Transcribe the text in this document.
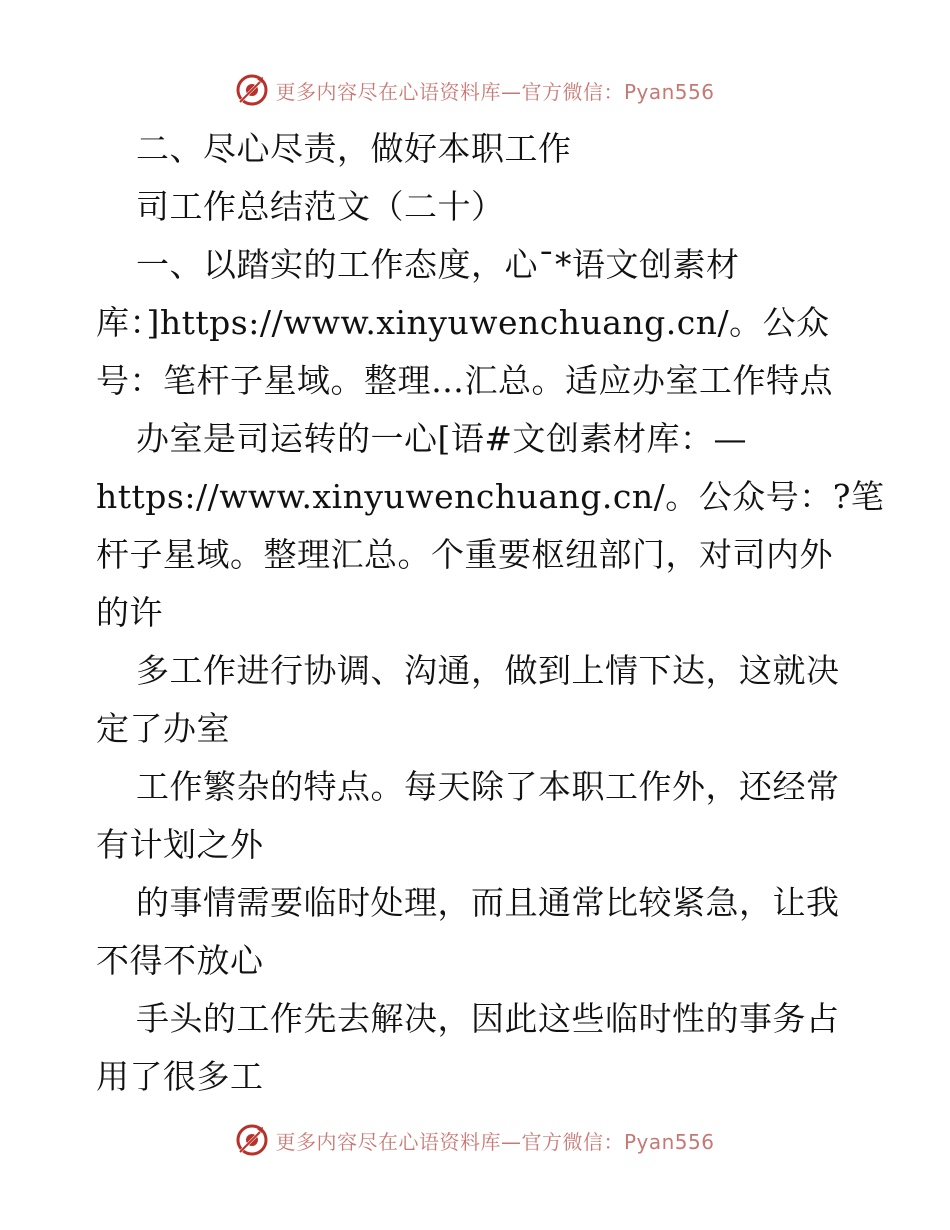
更多内容尽在心语资料库—官方微信：Pyan556
二、尽心尽责，做好本职工作
司工作总结范文（二十）
一、以踏实的工作态度，心¯*语文创素材
库：]https://www.xinyuwenchuang.cn/。公众
号：笔杆子星域。整理…汇总。适应办室工作特点
办室是司运转的一心[语#文创素材库：—
https://www.xinyuwenchuang.cn/。公众号：?笔
杆子星域。整理汇总。个重要枢纽部门，对司内外
的许
多工作进行协调、沟通，做到上情下达，这就决
定了办室
工作繁杂的特点。每天除了本职工作外，还经常
有计划之外
的事情需要临时处理，而且通常比较紧急，让我
不得不放心
手头的工作先去解决，因此这些临时性的事务占
用了很多工
更多内容尽在心语资料库—官方微信：Pyan556
